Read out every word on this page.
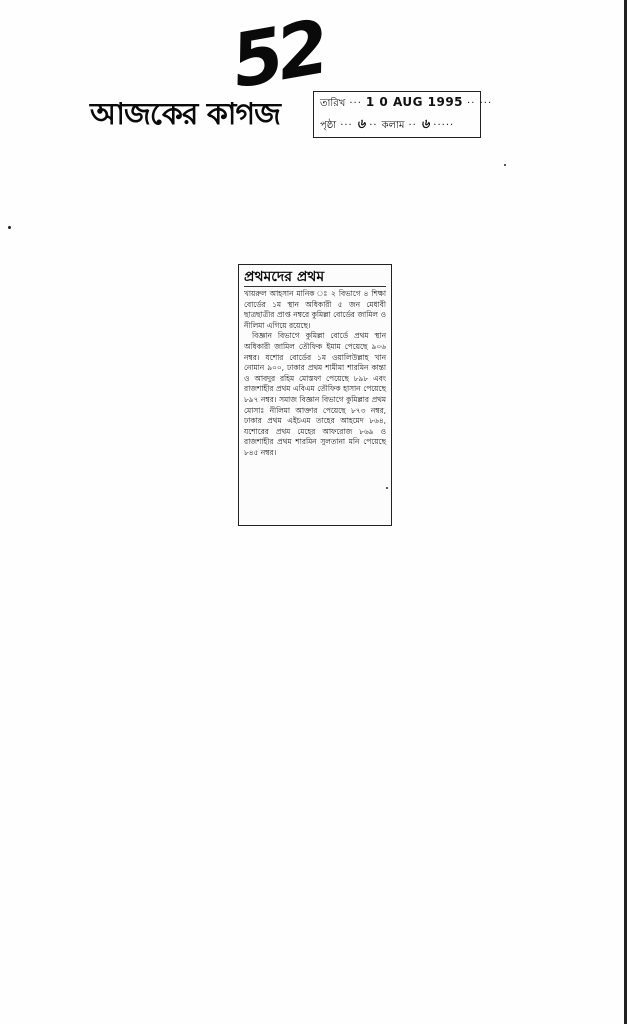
52
আজকের কাগজ	তারিখ ··· 1 0 AUG 1995 ·· ···
পৃষ্ঠা ··· ৬ ·· কলাম ·· ৬ ·····
প্রথমদের প্রথম

খায়রুল আহসান মানিক ঃ ২ বিভাগে ৪ শিক্ষা বোর্ডের ১ম স্থান অধিকারী ৫ জন মেধাবী ছাত্রছাত্রীর প্রাপ্ত নম্বরে কুমিল্লা বোর্ডের জামিল ও নীলিমা এগিয়ে রয়েছে।

বিজ্ঞান বিভাগে কুমিল্লা বোর্ডে প্রথম স্থান অধিকারী জামিল তৌফিক ইমাম পেয়েছে ৯০৬ নম্বর। যশোর বোর্ডের ১ম ওয়ালিউল্লাহ খান নোমান ৯০০, ঢাকার প্রথম শামীমা শারমিন কান্তা ও আবদুর রহিম মোস্তফা পেয়েছে ৮৯৮ এবং রাজশাহীর প্রথম এবিএম তৌফিক হাসান পেয়েছে ৮৯৭ নম্বর। সমাজ বিজ্ঞান বিভাগে কুমিল্লার প্রথম মোসাঃ নীলিমা আক্তার পেয়েছে ৮৭৩ নম্বর, ঢাকার প্রথম এইচএম তাহের আহমেদ ৮৬৪, যশোরের প্রথম মেহের আফরোজ ৮৬৯ ও রাজশাহীর প্রথম শারমিন সুলতানা মনি পেয়েছে ৮৪৫ নম্বর।
